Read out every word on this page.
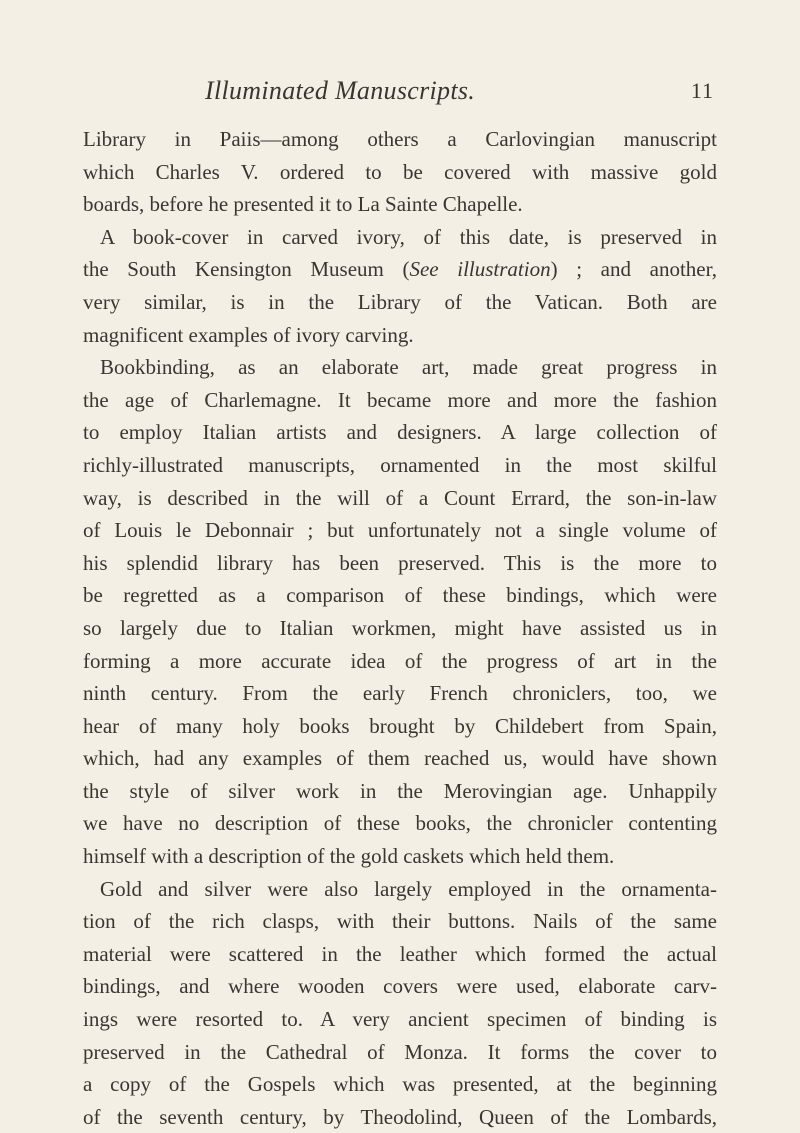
Illuminated Manuscripts.	11
Library in Paiis—among others a Carlovingian manuscript
which Charles V. ordered to be covered with massive gold
boards, before he presented it to La Sainte Chapelle.
A book-cover in carved ivory, of this date, is preserved in
the South Kensington Museum (See illustration) ; and another,
very similar, is in the Library of the Vatican. Both are
magnificent examples of ivory carving.
Bookbinding, as an elaborate art, made great progress in
the age of Charlemagne. It became more and more the fashion
to employ Italian artists and designers. A large collection of
richly-illustrated manuscripts, ornamented in the most skilful
way, is described in the will of a Count Errard, the son-in-law
of Louis le Debonnair ; but unfortunately not a single volume of
his splendid library has been preserved. This is the more to
be regretted as a comparison of these bindings, which were
so largely due to Italian workmen, might have assisted us in
forming a more accurate idea of the progress of art in the
ninth century. From the early French chroniclers, too, we
hear of many holy books brought by Childebert from Spain,
which, had any examples of them reached us, would have shown
the style of silver work in the Merovingian age. Unhappily
we have no description of these books, the chronicler contenting
himself with a description of the gold caskets which held them.
Gold and silver were also largely employed in the ornamenta-
tion of the rich clasps, with their buttons. Nails of the same
material were scattered in the leather which formed the actual
bindings, and where wooden covers were used, elaborate carv-
ings were resorted to. A very ancient specimen of binding is
preserved in the Cathedral of Monza. It forms the cover to
a copy of the Gospels which was presented, at the beginning
of the seventh century, by Theodolind, Queen of the Lombards,
